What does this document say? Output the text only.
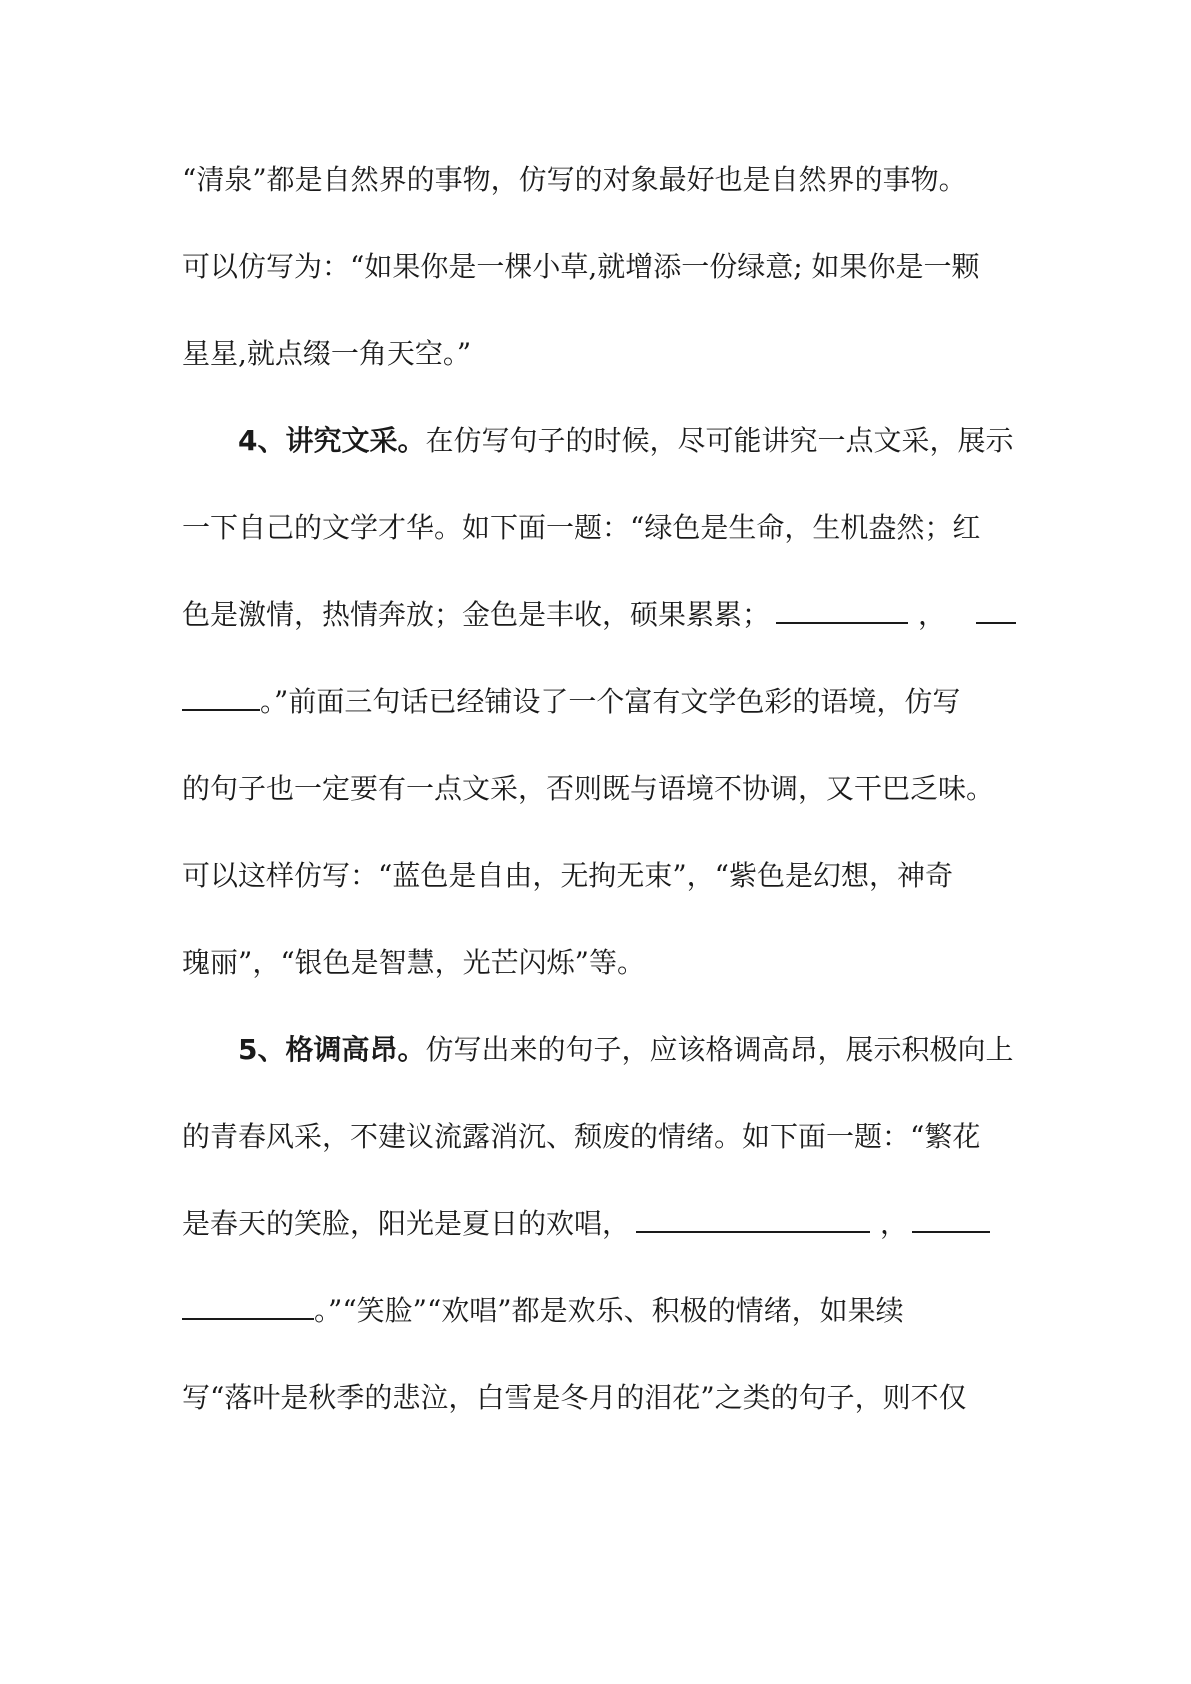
“清泉”都是自然界的事物，仿写的对象最好也是自然界的事物。
可以仿写为：“如果你是一棵小草,就增添一份绿意; 如果你是一颗
星星,就点缀一角天空。”
4、讲究文采。在仿写句子的时候，尽可能讲究一点文采，展示
一下自己的文学才华。如下面一题：“绿色是生命，生机盎然；红
色是激情，热情奔放；金色是丰收，硕果累累；	，
。”前面三句话已经铺设了一个富有文学色彩的语境，仿写
的句子也一定要有一点文采，否则既与语境不协调，又干巴乏味。
可以这样仿写：“蓝色是自由，无拘无束”，“紫色是幻想，神奇
瑰丽”，“银色是智慧，光芒闪烁”等。
5、格调高昂。仿写出来的句子，应该格调高昂，展示积极向上
的青春风采，不建议流露消沉、颓废的情绪。如下面一题：“繁花
是春天的笑脸，阳光是夏日的欢唱，	，
。”“笑脸”“欢唱”都是欢乐、积极的情绪，如果续
写“落叶是秋季的悲泣，白雪是冬月的泪花”之类的句子，则不仅
